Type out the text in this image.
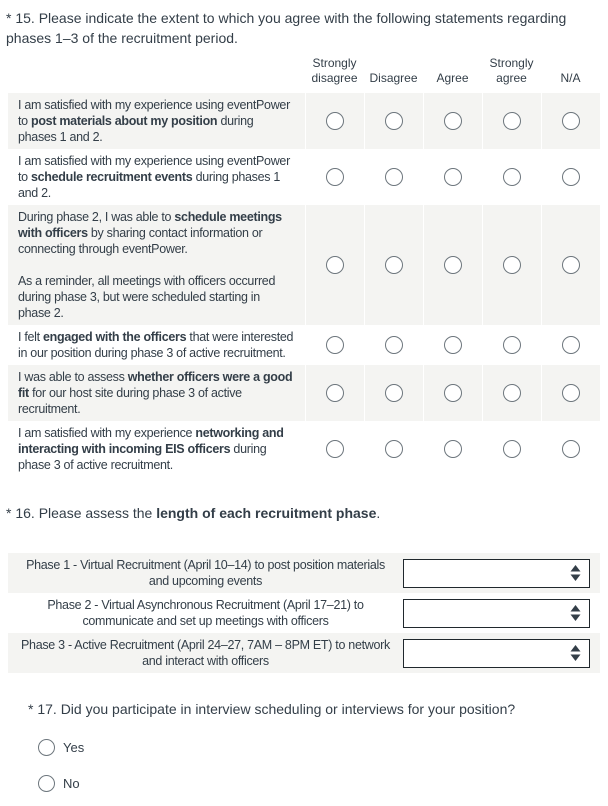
* 15. Please indicate the extent to which you agree with the following statements regarding phases 1–3 of the recruitment period.
Strongly disagree Disagree	Agree
Strongly agree	N/A

I am satisfied with my experience using eventPower to post materials about my position during phases 1 and 2.

I am satisfied with my experience using eventPower to schedule recruitment events during phases 1 and 2.

During phase 2, I was able to schedule meetings with officers by sharing contact information or connecting through eventPower.

As a reminder, all meetings with officers occurred during phase 3, but were scheduled starting in phase 2.

I felt engaged with the officers that were interested in our position during phase 3 of active recruitment.

I was able to assess whether officers were a good fit for our host site during phase 3 of active recruitment.

I am satisfied with my experience networking and interacting with incoming EIS officers during phase 3 of active recruitment.

* 16. Please assess the length of each recruitment phase.
Phase 1 - Virtual Recruitment (April 10–14) to post position materials and upcoming events
Phase 2 - Virtual Asynchronous Recruitment (April 17–21) to communicate and set up meetings with officers
Phase 3 - Active Recruitment (April 24–27, 7AM – 8PM ET) to network and interact with officers
* 17. Did you participate in interview scheduling or interviews for your position?
Yes
No
